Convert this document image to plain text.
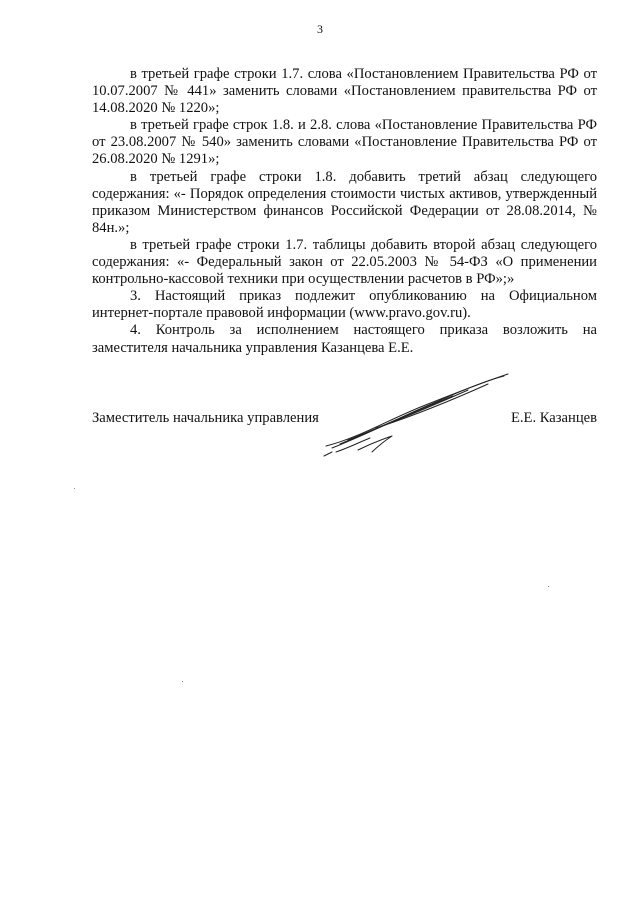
3

в третьей графе строки 1.7. слова «Постановлением Правительства РФ от 10.07.2007 № 441» заменить словами «Постановлением правительства РФ от 14.08.2020 № 1220»;

в третьей графе строк 1.8. и 2.8. слова «Постановление Правительства РФ от 23.08.2007 № 540» заменить словами «Постановление Правительства РФ от 26.08.2020 № 1291»;

в третьей графе строки 1.8. добавить третий абзац следующего содержания: «- Порядок определения стоимости чистых активов, утвержденный приказом Министерством финансов Российской Федерации от 28.08.2014, № 84н.»;

в третьей графе строки 1.7. таблицы добавить второй абзац следующего содержания: «- Федеральный закон от 22.05.2003 № 54-ФЗ «О применении контрольно-кассовой техники при осуществлении расчетов в РФ»;»

3. Настоящий приказ подлежит опубликованию на Официальном интернет-портале правовой информации (www.pravo.gov.ru).

4. Контроль за исполнением настоящего приказа возложить на заместителя начальника управления Казанцева Е.Е.

Заместитель начальника управления	Е.Е. Казанцев
